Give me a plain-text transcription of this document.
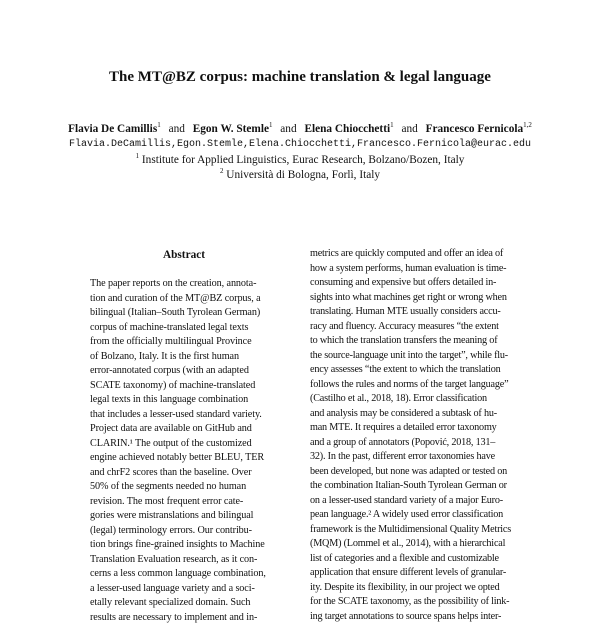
The MT@BZ corpus: machine translation & legal language
Flavia De Camillis$^1$ and Egon W. Stemle$^1$ and Elena Chiocchetti$^1$ and Francesco Fernicola$^{1,2}$
Flavia.DeCamillis,Egon.Stemle,Elena.Chiocchetti,Francesco.Fernicola@eurac.edu
$^1$ Institute for Applied Linguistics, Eurac Research, Bolzano/Bozen, Italy
$^2$ Università di Bologna, Forlì, Italy
Abstract
The paper reports on the creation, annota-
tion and curation of the MT@BZ corpus, a
bilingual (Italian–South Tyrolean German)
corpus of machine-translated legal texts
from the officially multilingual Province
of Bolzano, Italy. It is the first human
error-annotated corpus (with an adapted
SCATE taxonomy) of machine-translated
legal texts in this language combination
that includes a lesser-used standard variety.
Project data are available on GitHub and
CLARIN.¹ The output of the customized
engine achieved notably better BLEU, TER
and chrF2 scores than the baseline. Over
50% of the segments needed no human
revision. The most frequent error cate-
gories were mistranslations and bilingual
(legal) terminology errors. Our contribu-
tion brings fine-grained insights to Machine
Translation Evaluation research, as it con-
cerns a less common language combination,
a lesser-used language variety and a soci-
etally relevant specialized domain. Such
results are necessary to implement and in-
metrics are quickly computed and offer an idea of
how a system performs, human evaluation is time-
consuming and expensive but offers detailed in-
sights into what machines get right or wrong when
translating. Human MTE usually considers accu-
racy and fluency. Accuracy measures “the extent
to which the translation transfers the meaning of
the source-language unit into the target”, while flu-
ency assesses “the extent to which the translation
follows the rules and norms of the target language”
(Castilho et al., 2018, 18). Error classification
and analysis may be considered a subtask of hu-
man MTE. It requires a detailed error taxonomy
and a group of annotators (Popović, 2018, 131–
32). In the past, different error taxonomies have
been developed, but none was adapted or tested on
the combination Italian-South Tyrolean German or
on a lesser-used standard variety of a major Euro-
pean language.² A widely used error classification
framework is the Multidimensional Quality Metrics
(MQM) (Lommel et al., 2014), with a hierarchical
list of categories and a flexible and customizable
application that ensure different levels of granular-
ity. Despite its flexibility, in our project we opted
for the SCATE taxonomy, as the possibility of link-
ing target annotations to source spans helps inter-
